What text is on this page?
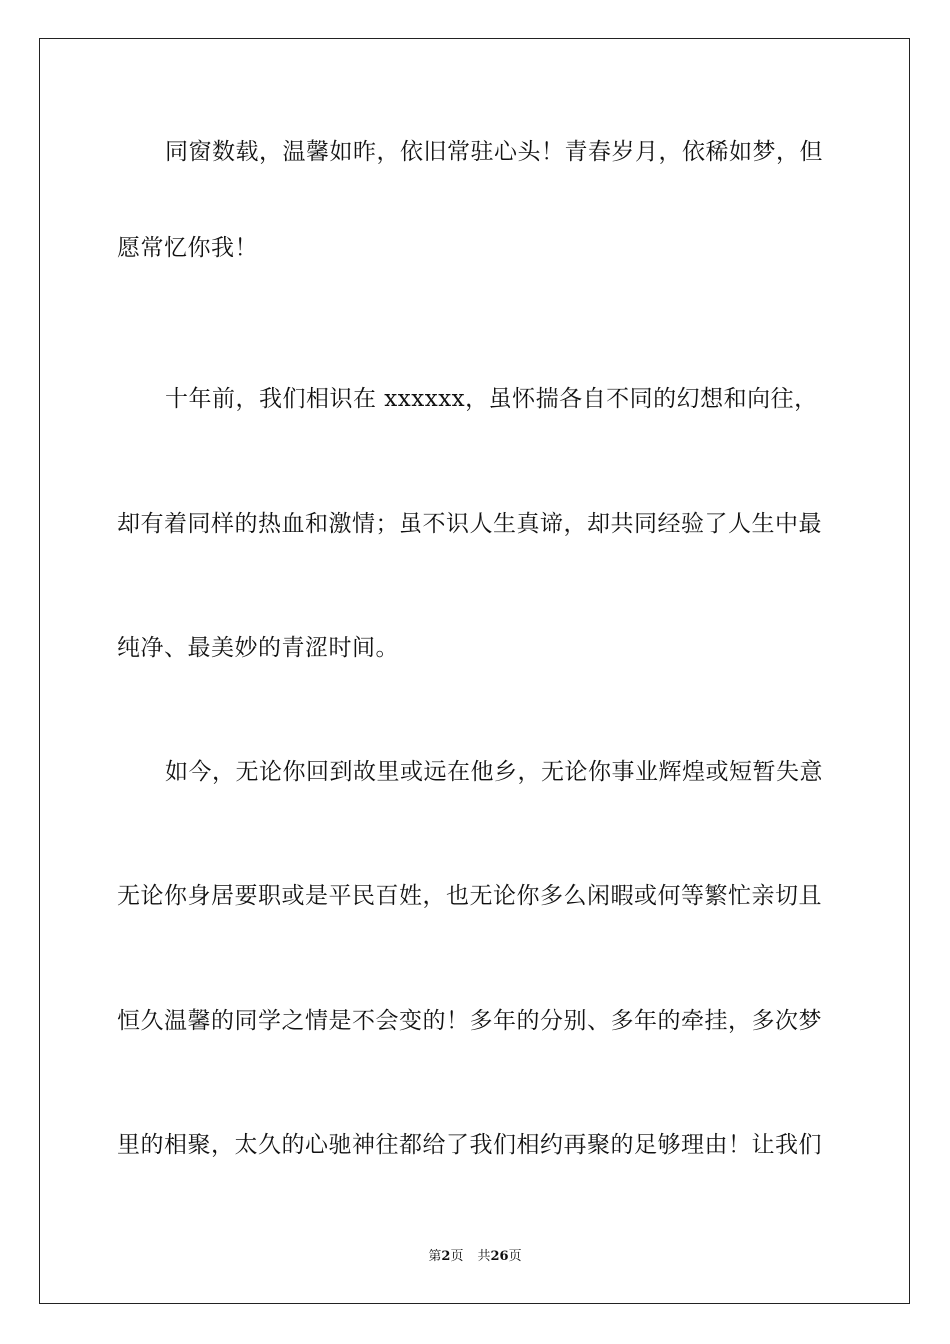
同窗数载，温馨如昨，依旧常驻心头！青春岁月，依稀如梦，但
愿常忆你我！
十年前，我们相识在 xxxxxx，虽怀揣各自不同的幻想和向往，
却有着同样的热血和激情；虽不识人生真谛，却共同经验了人生中最
纯净、最美妙的青涩时间。
如今，无论你回到故里或远在他乡，无论你事业辉煌或短暂失意
无论你身居要职或是平民百姓，也无论你多么闲暇或何等繁忙亲切且
恒久温馨的同学之情是不会变的！多年的分别、多年的牵挂，多次梦
里的相聚，太久的心驰神往都给了我们相约再聚的足够理由！让我们
第2页 共26页
